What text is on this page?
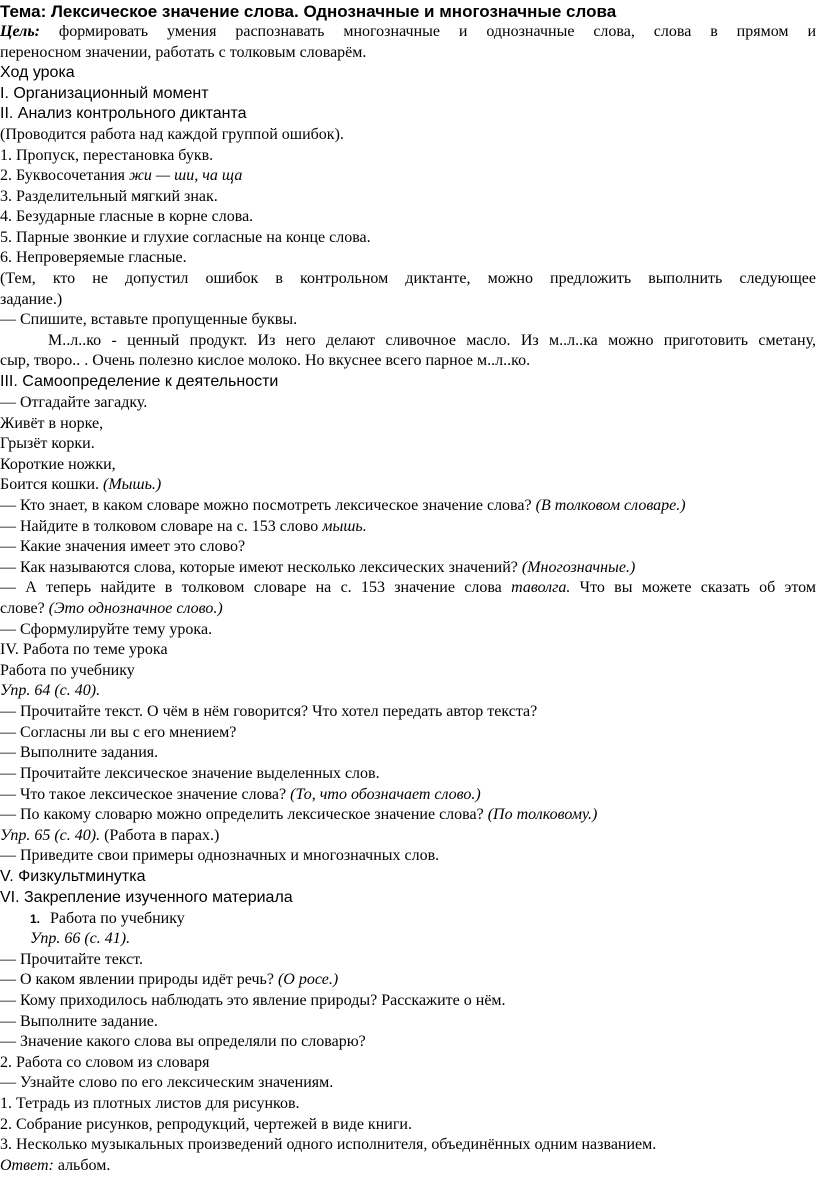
Тема: Лексическое значение слова. Однозначные и многозначные слова
Цель: формировать умения распознавать многозначные и однозначные слова, слова в прямом и
переносном значении, работать с толковым словарём.
Ход урока
I. Организационный момент
II. Анализ контрольного диктанта
(Проводится работа над каждой группой ошибок).
1. Пропуск, перестановка букв.
2. Буквосочетания жи — ши, ча ща
3. Разделительный мягкий знак.
4. Безударные гласные в корне слова.
5. Парные звонкие и глухие согласные на конце слова.
6. Непроверяемые гласные.
(Тем, кто не допустил ошибок в контрольном диктанте, можно предложить выполнить следующее
задание.)
— Спишите, вставьте пропущенные буквы.
М..л..ко - ценный продукт. Из него делают сливочное масло. Из м..л..ка можно приготовить сметану,
сыр, творо.. . Очень полезно кислое молоко. Но вкуснее всего парное м..л..ко.
III. Самоопределение к деятельности
— Отгадайте загадку.
Живёт в норке,
Грызёт корки.
Короткие ножки,
Боится кошки. (Мышь.)
— Кто знает, в каком словаре можно посмотреть лексическое значение слова? (В толковом словаре.)
— Найдите в толковом словаре на с. 153 слово мышь.
— Какие значения имеет это слово?
— Как называются слова, которые имеют несколько лексических значений? (Многозначные.)
— А теперь найдите в толковом словаре на с. 153 значение слова таволга. Что вы можете сказать об этом
слове? (Это однозначное слово.)
— Сформулируйте тему урока.
IV. Работа по теме урока
Работа по учебнику
Упр. 64 (с. 40).
— Прочитайте текст. О чём в нём говорится? Что хотел передать автор текста?
— Согласны ли вы с его мнением?
— Выполните задания.
— Прочитайте лексическое значение выделенных слов.
— Что такое лексическое значение слова? (То, что обозначает слово.)
— По какому словарю можно определить лексическое значение слова? (По толковому.)
Упр. 65 (с. 40). (Работа в парах.)
— Приведите свои примеры однозначных и многозначных слов.
V. Физкультминутка
VI. Закрепление изученного материала
1. Работа по учебнику
Упр. 66 (с. 41).
— Прочитайте текст.
— О каком явлении природы идёт речь? (О росе.)
— Кому приходилось наблюдать это явление природы? Расскажите о нём.
— Выполните задание.
— Значение какого слова вы определяли по словарю?
2. Работа со словом из словаря
— Узнайте слово по его лексическим значениям.
1. Тетрадь из плотных листов для рисунков.
2. Собрание рисунков, репродукций, чертежей в виде книги.
3. Несколько музыкальных произведений одного исполнителя, объединённых одним названием.
Ответ: альбом.
